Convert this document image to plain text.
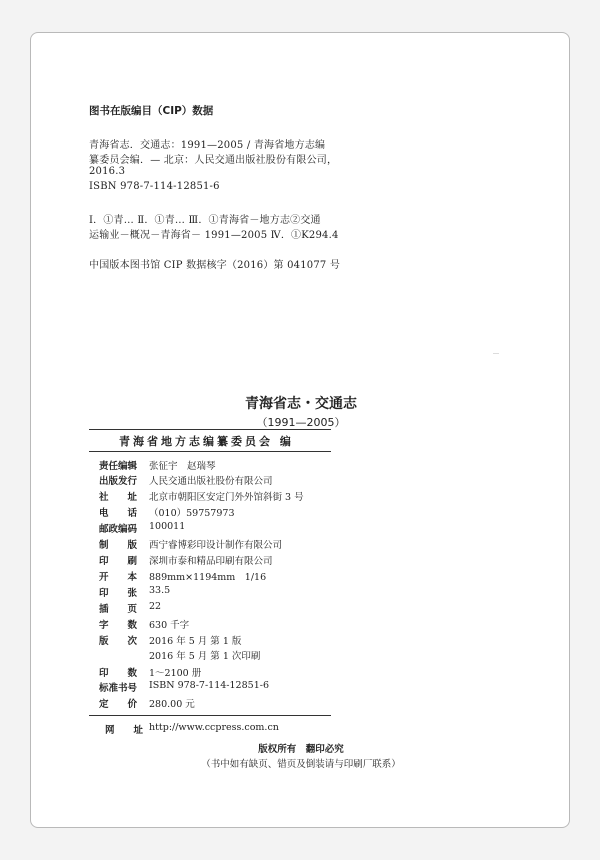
图书在版编目（CIP）数据
青海省志．交通志：1991—2005 / 青海省地方志编
纂委员会编．— 北京：人民交通出版社股份有限公司，
2016.3
ISBN 978-7-114-12851-6
Ⅰ．①青… Ⅱ．①青… Ⅲ．①青海省－地方志②交通
运输业－概况－青海省－ 1991—2005 Ⅳ．①K294.4
中国版本图书馆 CIP 数据核字（2016）第 041077 号
青海省志・交通志
（1991—2005）
青海省地方志编纂委员会 编
责任编辑 张征宇　赵瑞琴
出版发行 人民交通出版社股份有限公司
社　　址 北京市朝阳区安定门外外馆斜街 3 号
电　　话 （010）59757973
邮政编码 100011
制　　版 西宁睿博彩印设计制作有限公司
印　　刷 深圳市泰和精品印刷有限公司
开　　本 889mm×1194mm　1/16
印　　张 33.5
插　　页 22
字　　数 630 千字
版　　次 2016 年 5 月 第 1 版
2016 年 5 月 第 1 次印刷
印　　数 1～2100 册
标准书号 ISBN 978-7-114-12851-6
定　　价 280.00 元
网　　址 http://www.ccpress.com.cn
版权所有　翻印必究
（书中如有缺页、错页及倒装请与印刷厂联系）
